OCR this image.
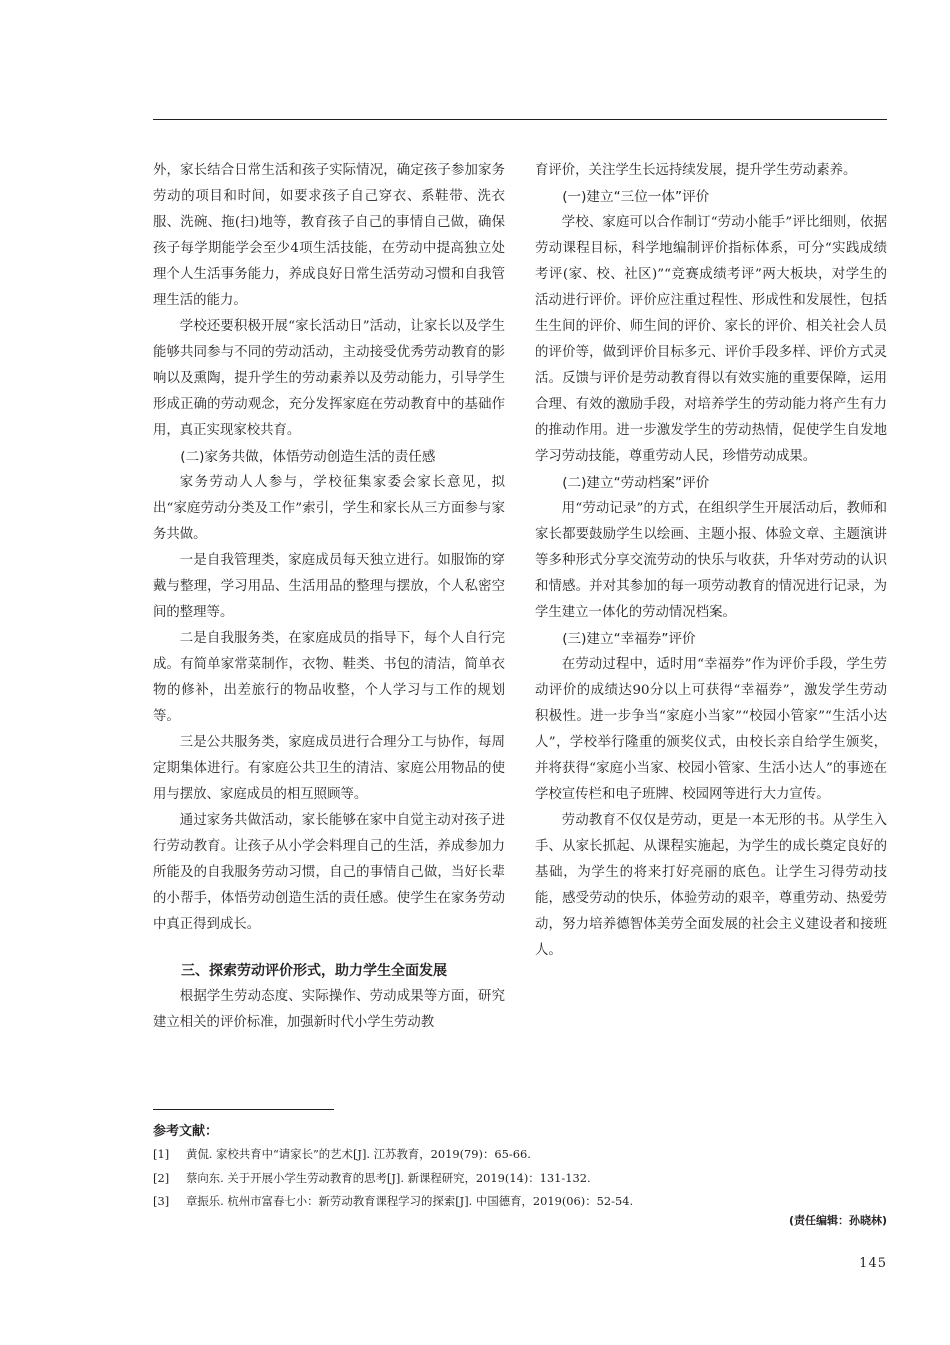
外，家长结合日常生活和孩子实际情况，确定孩子参加家务劳动的项目和时间，如要求孩子自己穿衣、系鞋带、洗衣服、洗碗、拖(扫)地等，教育孩子自己的事情自己做，确保孩子每学期能学会至少4项生活技能，在劳动中提高独立处理个人生活事务能力，养成良好日常生活劳动习惯和自我管理生活的能力。

学校还要积极开展“家长活动日”活动，让家长以及学生能够共同参与不同的劳动活动，主动接受优秀劳动教育的影响以及熏陶，提升学生的劳动素养以及劳动能力，引导学生形成正确的劳动观念，充分发挥家庭在劳动教育中的基础作用，真正实现家校共育。

(二)家务共做，体悟劳动创造生活的责任感

家务劳动人人参与，学校征集家委会家长意见，拟出“家庭劳动分类及工作”索引，学生和家长从三方面参与家务共做。

一是自我管理类，家庭成员每天独立进行。如服饰的穿戴与整理，学习用品、生活用品的整理与摆放，个人私密空间的整理等。

二是自我服务类，在家庭成员的指导下，每个人自行完成。有简单家常菜制作，衣物、鞋类、书包的清洁，简单衣物的修补，出差旅行的物品收整，个人学习与工作的规划等。

三是公共服务类，家庭成员进行合理分工与协作，每周定期集体进行。有家庭公共卫生的清洁、家庭公用物品的使用与摆放、家庭成员的相互照顾等。

通过家务共做活动，家长能够在家中自觉主动对孩子进行劳动教育。让孩子从小学会料理自己的生活，养成参加力所能及的自我服务劳动习惯，自己的事情自己做，当好长辈的小帮手，体悟劳动创造生活的责任感。使学生在家务劳动中真正得到成长。

三、探索劳动评价形式，助力学生全面发展

根据学生劳动态度、实际操作、劳动成果等方面，研究建立相关的评价标准，加强新时代小学生劳动教

育评价，关注学生长远持续发展，提升学生劳动素养。

(一)建立“三位一体”评价

学校、家庭可以合作制订“劳动小能手”评比细则，依据劳动课程目标，科学地编制评价指标体系，可分“实践成绩考评(家、校、社区)”“竞赛成绩考评”两大板块，对学生的活动进行评价。评价应注重过程性、形成性和发展性，包括生生间的评价、师生间的评价、家长的评价、相关社会人员的评价等，做到评价目标多元、评价手段多样、评价方式灵活。反馈与评价是劳动教育得以有效实施的重要保障，运用合理、有效的激励手段，对培养学生的劳动能力将产生有力的推动作用。进一步激发学生的劳动热情，促使学生自发地学习劳动技能，尊重劳动人民，珍惜劳动成果。

(二)建立“劳动档案”评价

用“劳动记录”的方式，在组织学生开展活动后，教师和家长都要鼓励学生以绘画、主题小报、体验文章、主题演讲等多种形式分享交流劳动的快乐与收获，升华对劳动的认识和情感。并对其参加的每一项劳动教育的情况进行记录，为学生建立一体化的劳动情况档案。

(三)建立“幸福券”评价

在劳动过程中，适时用“幸福券”作为评价手段，学生劳动评价的成绩达90分以上可获得“幸福券”，激发学生劳动积极性。进一步争当“家庭小当家”“校园小管家”“生活小达人”，学校举行隆重的颁奖仪式，由校长亲自给学生颁奖，并将获得“家庭小当家、校园小管家、生活小达人”的事迹在学校宣传栏和电子班牌、校园网等进行大力宣传。

劳动教育不仅仅是劳动，更是一本无形的书。从学生入手、从家长抓起、从课程实施起，为学生的成长奠定良好的基础，为学生的将来打好亮丽的底色。让学生习得劳动技能，感受劳动的快乐，体验劳动的艰辛，尊重劳动、热爱劳动，努力培养德智体美劳全面发展的社会主义建设者和接班人。

参考文献：

[1] 黄侃. 家校共育中“请家长”的艺术[J]. 江苏教育，2019(79)：65-66.
[2] 蔡向东. 关于开展小学生劳动教育的思考[J]. 新课程研究，2019(14)：131-132.
[3] 章振乐. 杭州市富春七小：新劳动教育课程学习的探索[J]. 中国德育，2019(06)：52-54.

(责任编辑：孙晓林)

145
